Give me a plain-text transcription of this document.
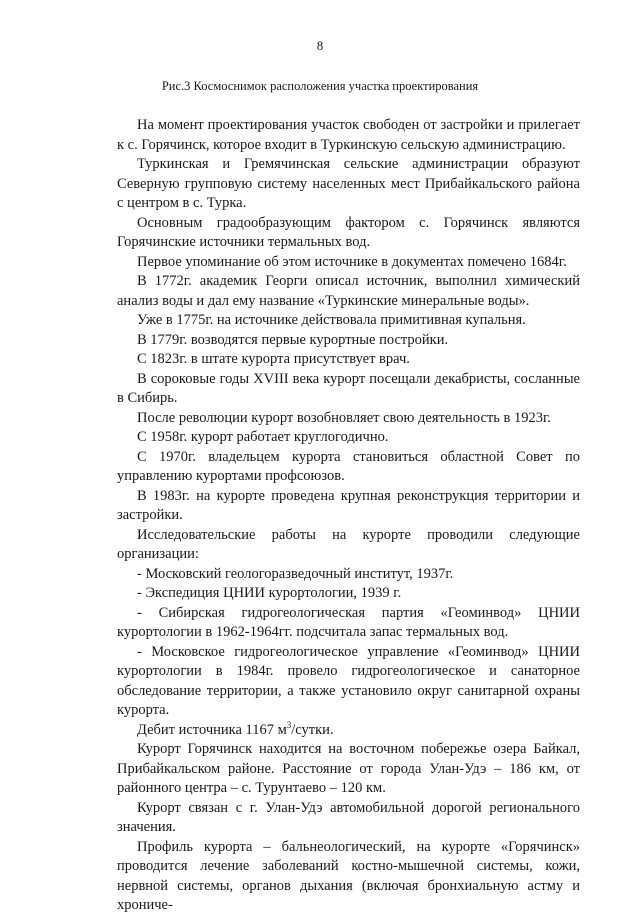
8
Рис.3 Космоснимок расположения участка проектирования

На момент проектирования участок свободен от застройки и прилегает к с. Горячинск, которое входит в Туркинскую сельскую администрацию.

Туркинская и Гремячинская сельские администрации образуют Северную групповую систему населенных мест Прибайкальского района с центром в с. Турка.

Основным градообразующим фактором с. Горячинск являются Горячинские источники термальных вод.

Первое упоминание об этом источнике в документах помечено 1684г.

В 1772г. академик Георги описал источник, выполнил химический анализ воды и дал ему название «Туркинские минеральные воды».

Уже в 1775г. на источнике действовала примитивная купальня.

В 1779г. возводятся первые курортные постройки.

С 1823г. в штате курорта присутствует врач.

В сороковые годы XVIII века курорт посещали декабристы, сосланные в Сибирь.

После революции курорт возобновляет свою деятельность в 1923г.

С 1958г. курорт работает круглогодично.

С 1970г. владельцем курорта становиться областной Совет по управлению курортами профсоюзов.

В 1983г. на курорте проведена крупная реконструкция территории и застройки.

Исследовательские работы на курорте проводили следующие организации:

- Московский геологоразведочный институт, 1937г.

- Экспедиция ЦНИИ курортологии, 1939 г.

- Сибирская гидрогеологическая партия «Геоминвод» ЦНИИ курортологии в 1962-1964гг. подсчитала запас термальных вод.

- Московское гидрогеологическое управление «Геоминвод» ЦНИИ курортологии в 1984г. провело гидрогеологическое и санаторное обследование территории, а также установило округ санитарной охраны курорта.

Дебит источника 1167 $м^3$/сутки.

Курорт Горячинск находится на восточном побережье озера Байкал, Прибайкальском районе. Расстояние от города Улан-Удэ – 186 км, от районного центра – с. Турунтаево – 120 км.

Курорт связан с г. Улан-Удэ автомобильной дорогой регионального значения.

Профиль курорта – бальнеологический, на курорте «Горячинск» проводится лечение заболеваний костно-мышечной системы, кожи, нервной системы, органов дыхания (включая бронхиальную астму и хрониче-
